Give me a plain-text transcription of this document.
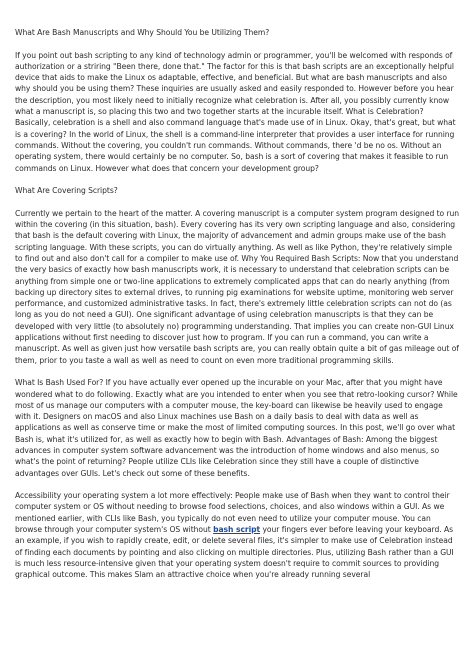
What Are Bash Manuscripts and Why Should You be Utilizing Them?

If you point out bash scripting to any kind of technology admin or programmer, you'll be welcomed with responds of authorization or a striring "Been there, done that." The factor for this is that bash scripts are an exceptionally helpful device that aids to make the Linux os adaptable, effective, and beneficial. But what are bash manuscripts and also why should you be using them? These inquiries are usually asked and easily responded to. However before you hear the description, you most likely need to initially recognize what celebration is. After all, you possibly currently know what a manuscript is, so placing this two and two together starts at the incurable itself. What is Celebration? Basically, celebration is a shell and also command language that's made use of in Linux. Okay, that's great, but what is a covering? In the world of Linux, the shell is a command-line interpreter that provides a user interface for running commands. Without the covering, you couldn't run commands. Without commands, there 'd be no os. Without an operating system, there would certainly be no computer. So, bash is a sort of covering that makes it feasible to run commands on Linux. However what does that concern your development group?

What Are Covering Scripts?

Currently we pertain to the heart of the matter. A covering manuscript is a computer system program designed to run within the covering (in this situation, bash). Every covering has its very own scripting language and also, considering that bash is the default covering with Linux, the majority of advancement and admin groups make use of the bash scripting language. With these scripts, you can do virtually anything. As well as like Python, they're relatively simple to find out and also don't call for a compiler to make use of. Why You Required Bash Scripts: Now that you understand the very basics of exactly how bash manuscripts work, it is necessary to understand that celebration scripts can be anything from simple one or two-line applications to extremely complicated apps that can do nearly anything (from backing up directory sites to external drives, to running pig examinations for website uptime, monitoring web server performance, and customized administrative tasks. In fact, there's extremely little celebration scripts can not do (as long as you do not need a GUI). One significant advantage of using celebration manuscripts is that they can be developed with very little (to absolutely no) programming understanding. That implies you can create non-GUI Linux applications without first needing to discover just how to program. If you can run a command, you can write a manuscript. As well as given just how versatile bash scripts are, you can really obtain quite a bit of gas mileage out of them, prior to you taste a wall as well as need to count on even more traditional programming skills.

What Is Bash Used For? If you have actually ever opened up the incurable on your Mac, after that you might have wondered what to do following. Exactly what are you intended to enter when you see that retro-looking cursor? While most of us manage our computers with a computer mouse, the key-board can likewise be heavily used to engage with it. Designers on macOS and also Linux machines use Bash on a daily basis to deal with data as well as applications as well as conserve time or make the most of limited computing sources. In this post, we'll go over what Bash is, what it's utilized for, as well as exactly how to begin with Bash. Advantages of Bash: Among the biggest advances in computer system software advancement was the introduction of home windows and also menus, so what's the point of returning? People utilize CLIs like Celebration since they still have a couple of distinctive advantages over GUIs. Let's check out some of these benefits.

Accessibility your operating system a lot more effectively: People make use of Bash when they want to control their computer system or OS without needing to browse food selections, choices, and also windows within a GUI. As we mentioned earlier, with CLIs like Bash, you typically do not even need to utilize your computer mouse. You can browse through your computer system's OS without bash script your fingers ever before leaving your keyboard. As an example, if you wish to rapidly create, edit, or delete several files, it's simpler to make use of Celebration instead of finding each documents by pointing and also clicking on multiple directories. Plus, utilizing Bash rather than a GUI is much less resource-intensive given that your operating system doesn't require to commit sources to providing graphical outcome. This makes Slam an attractive choice when you're already running several
